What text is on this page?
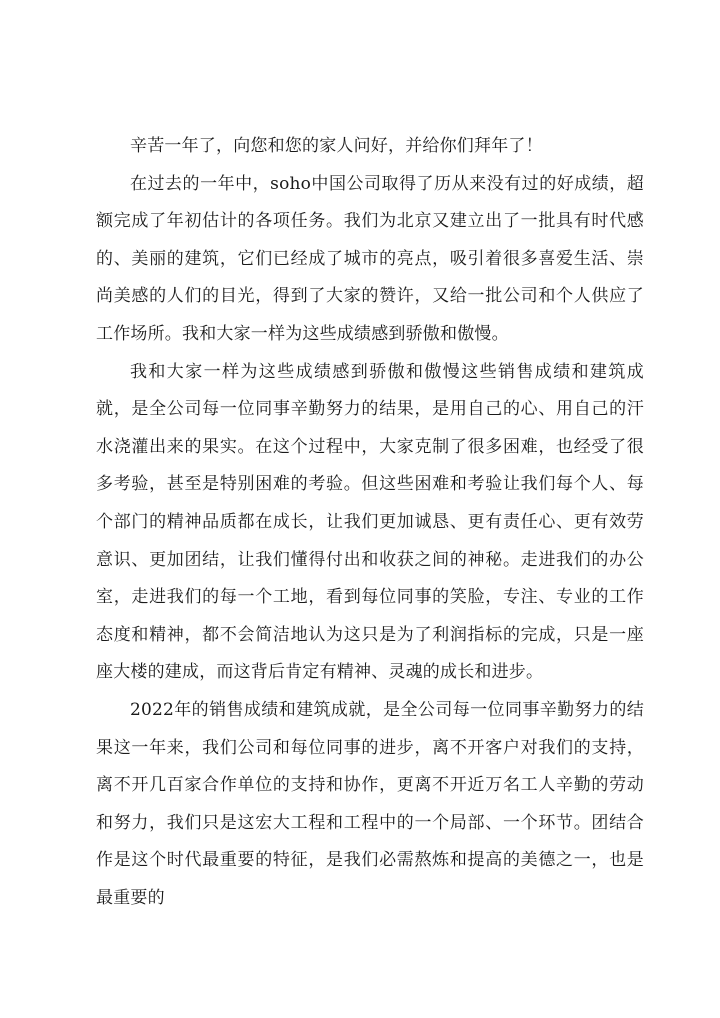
辛苦一年了，向您和您的家人问好，并给你们拜年了！

在过去的一年中，soho中国公司取得了历从来没有过的好成绩，超额完成了年初估计的各项任务。我们为北京又建立出了一批具有时代感的、美丽的建筑，它们已经成了城市的亮点，吸引着很多喜爱生活、崇尚美感的人们的目光，得到了大家的赞许，又给一批公司和个人供应了工作场所。我和大家一样为这些成绩感到骄傲和傲慢。

我和大家一样为这些成绩感到骄傲和傲慢这些销售成绩和建筑成就，是全公司每一位同事辛勤努力的结果，是用自己的心、用自己的汗水浇灌出来的果实。在这个过程中，大家克制了很多困难，也经受了很多考验，甚至是特别困难的考验。但这些困难和考验让我们每个人、每个部门的精神品质都在成长，让我们更加诚恳、更有责任心、更有效劳意识、更加团结，让我们懂得付出和收获之间的神秘。走进我们的办公室，走进我们的每一个工地，看到每位同事的笑脸，专注、专业的工作态度和精神，都不会简洁地认为这只是为了利润指标的完成，只是一座座大楼的建成，而这背后肯定有精神、灵魂的成长和进步。

2022年的销售成绩和建筑成就，是全公司每一位同事辛勤努力的结果这一年来，我们公司和每位同事的进步，离不开客户对我们的支持，离不开几百家合作单位的支持和协作，更离不开近万名工人辛勤的劳动和努力，我们只是这宏大工程和工程中的一个局部、一个环节。团结合作是这个时代最重要的特征，是我们必需熬炼和提高的美德之一，也是最重要的
